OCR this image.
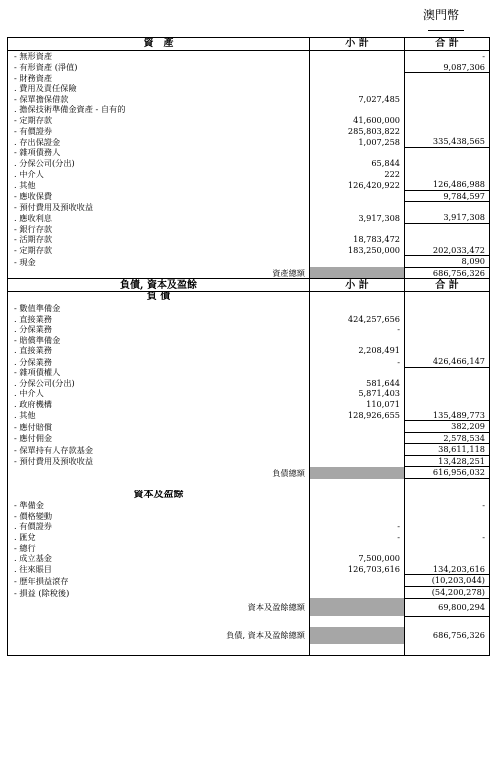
澳門幣
資　產	小 計	合 計
- 無形資產		-
- 有形資產 (淨值)		9,087,306
- 財務資產		
. 費用及責任保險		
- 保單擔保借款	7,027,485	
. 擔保技術準備金資產 - 自有的		
- 定期存款	41,600,000	
- 有價證券	285,803,822	
. 存出保證金	1,007,258	335,438,565
- 雜項債務人		
. 分保公司(分出)	65,844	
. 中介人	222	
. 其他	126,420,922	126,486,988
- 應收保費		9,784,597
- 預付費用及預收收益		
. 應收利息	3,917,308	3,917,308
- 銀行存款		
- 活期存款	18,783,472	
- 定期存款	183,250,000	202,033,472
- 現金		8,090
資產總額		686,756,326
負債, 資本及盈餘	小 計	合 計
負 債		
- 數值準備金		
. 直接業務	424,257,656	
. 分保業務	-	
- 賠償準備金		
. 直接業務	2,208,491	
. 分保業務	-	426,466,147
- 雜項債權人		
. 分保公司(分出)	581,644	
. 中介人	5,871,403	
. 政府機構	110,071	
. 其他	128,926,655	135,489,773
- 應付賠償		382,209
- 應付佣金		2,578,534
- 保單持有人存款基金		38,611,118
- 預付費用及預收收益		13,428,251
負債總額		616,956,032

資本及盈餘		
- 準備金		-
- 價格變動		
. 有價證券	-	
. 匯兌	-	-
- 總行		
. 成立基金	7,500,000	
. 往來賬目	126,703,616	134,203,616
- 歷年損益滾存		(10,203,044)
- 損益 (除稅後)		(54,200,278)
資本及盈餘總額		69,800,294

負債, 資本及盈餘總額		686,756,326
